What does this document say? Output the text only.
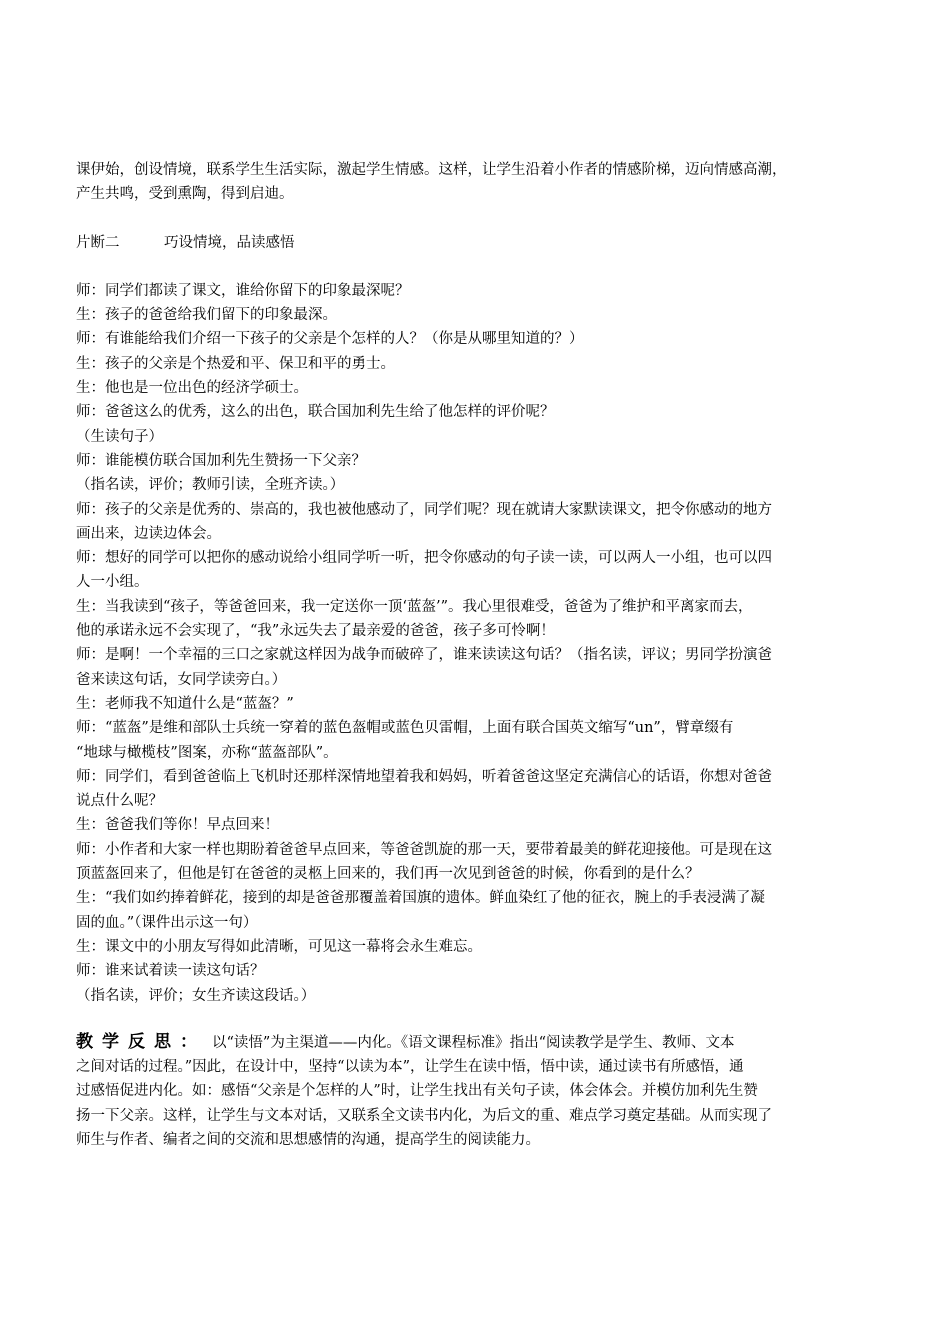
课伊始，创设情境，联系学生生活实际，激起学生情感。这样，让学生沿着小作者的情感阶梯，迈向情感高潮，
产生共鸣，受到熏陶，得到启迪。
片断二	巧设情境，品读感悟
师：同学们都读了课文，谁给你留下的印象最深呢？
生：孩子的爸爸给我们留下的印象最深。
师：有谁能给我们介绍一下孩子的父亲是个怎样的人？（你是从哪里知道的？）
生：孩子的父亲是个热爱和平、保卫和平的勇士。
生：他也是一位出色的经济学硕士。
师：爸爸这么的优秀，这么的出色，联合国加利先生给了他怎样的评价呢？
（生读句子）
师：谁能模仿联合国加利先生赞扬一下父亲？
（指名读，评价；教师引读，全班齐读。）
师：孩子的父亲是优秀的、崇高的，我也被他感动了，同学们呢？现在就请大家默读课文，把令你感动的地方
画出来，边读边体会。
师：想好的同学可以把你的感动说给小组同学听一听，把令你感动的句子读一读，可以两人一小组，也可以四
人一小组。
生：当我读到“孩子，等爸爸回来，我一定送你一顶‘蓝盔’”。我心里很难受，爸爸为了维护和平离家而去，
他的承诺永远不会实现了，“我”永远失去了最亲爱的爸爸，孩子多可怜啊！
师：是啊！一个幸福的三口之家就这样因为战争而破碎了，谁来读读这句话？（指名读，评议；男同学扮演爸
爸来读这句话，女同学读旁白。）
生：老师我不知道什么是“蓝盔？”
师：“蓝盔”是维和部队士兵统一穿着的蓝色盔帽或蓝色贝雷帽，上面有联合国英文缩写“un”，臂章缀有
“地球与橄榄枝”图案，亦称“蓝盔部队”。
师：同学们，看到爸爸临上飞机时还那样深情地望着我和妈妈，听着爸爸这坚定充满信心的话语，你想对爸爸
说点什么呢？
生：爸爸我们等你！早点回来！
师：小作者和大家一样也期盼着爸爸早点回来，等爸爸凯旋的那一天，要带着最美的鲜花迎接他。可是现在这
顶蓝盔回来了，但他是钉在爸爸的灵柩上回来的，我们再一次见到爸爸的时候，你看到的是什么？
生：“我们如约捧着鲜花，接到的却是爸爸那覆盖着国旗的遗体。鲜血染红了他的征衣，腕上的手表浸满了凝
固的血。”（课件出示这一句）
生：课文中的小朋友写得如此清晰，可见这一幕将会永生难忘。
师：谁来试着读一读这句话？
（指名读，评价；女生齐读这段话。）
教学反思： 以“读悟”为主渠道——内化。《语文课程标准》指出“阅读教学是学生、教师、文本
之间对话的过程。”因此，在设计中，坚持“以读为本”，让学生在读中悟，悟中读，通过读书有所感悟，通
过感悟促进内化。如：感悟“父亲是个怎样的人”时，让学生找出有关句子读，体会体会。并模仿加利先生赞
扬一下父亲。这样，让学生与文本对话，又联系全文读书内化，为后文的重、难点学习奠定基础。从而实现了
师生与作者、编者之间的交流和思想感情的沟通，提高学生的阅读能力。
